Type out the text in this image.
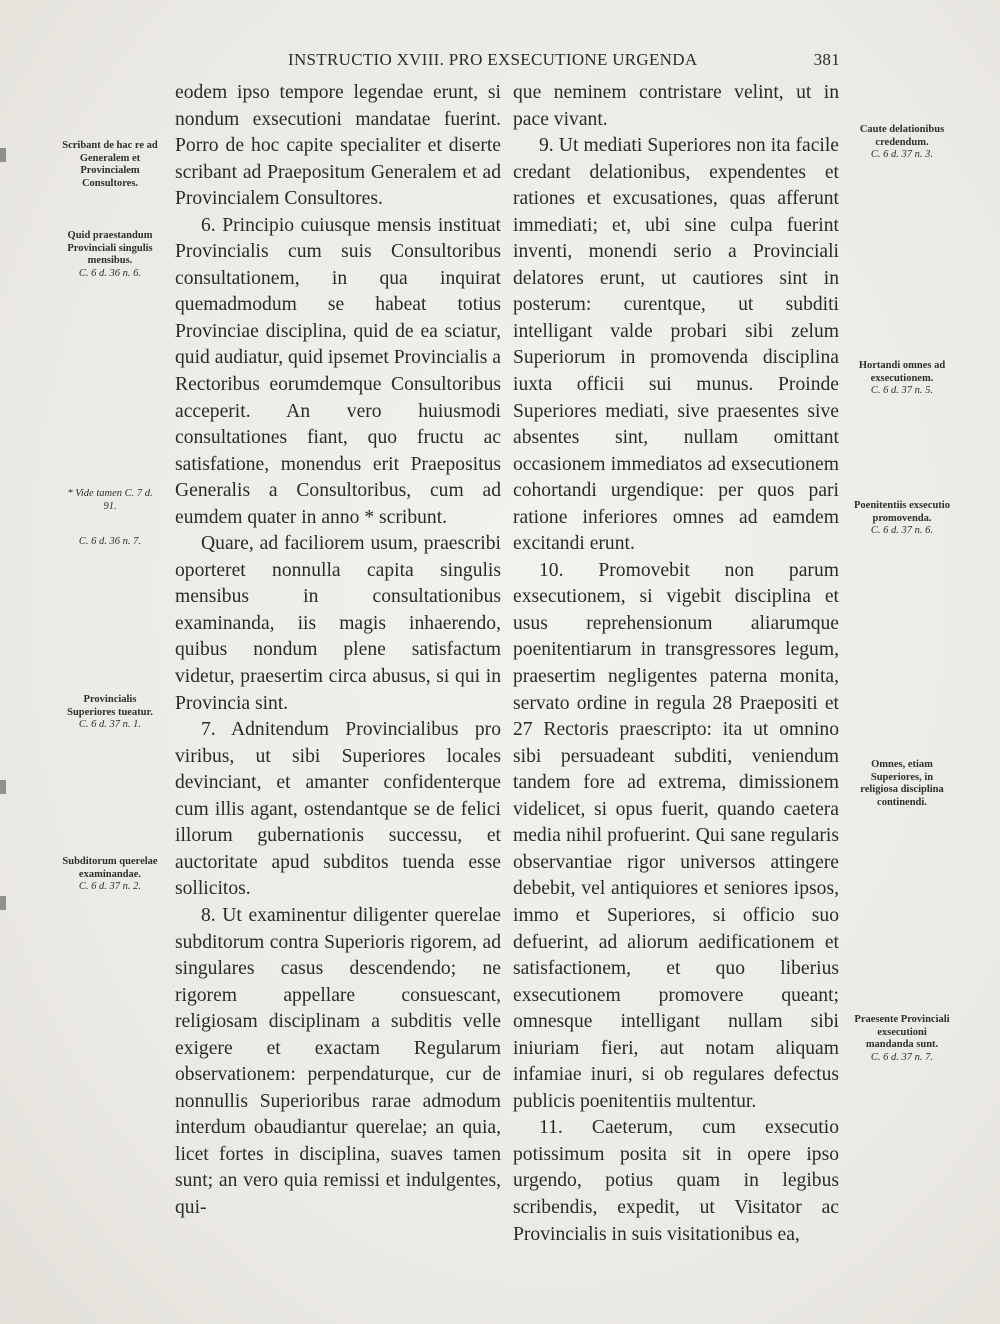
INSTRUCTIO XVIII. PRO EXSECUTIONE URGENDA	381
Scribant de hac re ad Generalem et Provincialem Consultores.
Quid praestandum Provinciali singulis mensibus.
C. 6 d. 36 n. 6.
* Vide tamen C. 7 d. 91.
C. 6 d. 36 n. 7.
Provincialis Superiores tueatur.
C. 6 d. 37 n. 1.
Subditorum querelae examinandae.
C. 6 d. 37 n. 2.

eodem ipso tempore legendae erunt, si nondum exsecutioni mandatae fuerint. Porro de hoc capite specialiter et diserte scribant ad Praepositum Generalem et ad Provincialem Consultores.

6. Principio cuiusque mensis instituat Provincialis cum suis Consultoribus consultationem, in qua inquirat quemadmodum se habeat totius Provinciae disciplina, quid de ea sciatur, quid audiatur, quid ipsemet Provincialis a Rectoribus eorumdemque Consultoribus acceperit. An vero huiusmodi consultationes fiant, quo fructu ac satisfatione, monendus erit Praepositus Generalis a Consultoribus, cum ad eumdem quater in anno * scribunt.

Quare, ad faciliorem usum, praescribi oporteret nonnulla capita singulis mensibus in consultationibus examinanda, iis magis inhaerendo, quibus nondum plene satisfactum videtur, praesertim circa abusus, si qui in Provincia sint.

7. Adnitendum Provincialibus pro viribus, ut sibi Superiores locales devinciant, et amanter confidenterque cum illis agant, ostendantque se de felici illorum gubernationis successu, et auctoritate apud subditos tuenda esse sollicitos.

8. Ut examinentur diligenter querelae subditorum contra Superioris rigorem, ad singulares casus descendendo; ne rigorem appellare consuescant, religiosam disciplinam a subditis velle exigere et exactam Regularum observationem: perpendaturque, cur de nonnullis Superioribus rarae admodum interdum obaudiantur querelae; an quia, licet fortes in disciplina, suaves tamen sunt; an vero quia remissi et indulgentes, qui-

que neminem contristare velint, ut in pace vivant.

9. Ut mediati Superiores non ita facile credant delationibus, expendentes et rationes et excusationes, quas afferunt immediati; et, ubi sine culpa fuerint inventi, monendi serio a Provinciali delatores erunt, ut cautiores sint in posterum: curentque, ut subditi intelligant valde probari sibi zelum Superiorum in promovenda disciplina iuxta officii sui munus. Proinde Superiores mediati, sive praesentes sive absentes sint, nullam omittant occasionem immediatos ad exsecutionem cohortandi urgendique: per quos pari ratione inferiores omnes ad eamdem excitandi erunt.

10. Promovebit non parum exsecutionem, si vigebit disciplina et usus reprehensionum aliarumque poenitentiarum in transgressores legum, praesertim negligentes paterna monita, servato ordine in regula 28 Praepositi et 27 Rectoris praescripto: ita ut omnino sibi persuadeant subditi, veniendum tandem fore ad extrema, dimissionem videlicet, si opus fuerit, quando caetera media nihil profuerint. Qui sane regularis observantiae rigor universos attingere debebit, vel antiquiores et seniores ipsos, immo et Superiores, si officio suo defuerint, ad aliorum aedificationem et satisfactionem, et quo liberius exsecutionem promovere queant; omnesque intelligant nullam sibi iniuriam fieri, aut notam aliquam infamiae inuri, si ob regulares defectus publicis poenitentiis multentur.

11. Caeterum, cum exsecutio potissimum posita sit in opere ipso urgendo, potius quam in legibus scribendis, expedit, ut Visitator ac Provincialis in suis visitationibus ea,

Caute delationibus credendum.
C. 6 d. 37 n. 3.
Hortandi omnes ad exsecutionem.
C. 6 d. 37 n. 5.
Poenitentiis exsecutio promovenda.
C. 6 d. 37 n. 6.
Omnes, etiam Superiores, in religiosa disciplina continendi.
Praesente Provinciali exsecutioni mandanda sunt.
C. 6 d. 37 n. 7.
